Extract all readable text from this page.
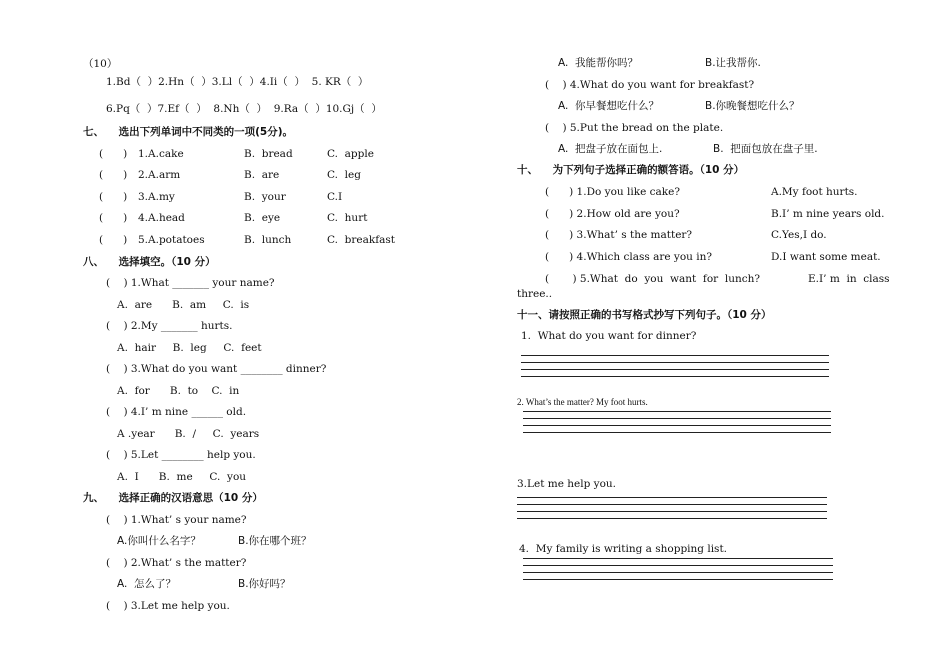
（10）
1.Bd（  ）2.Hn（  ）3.Ll（  ）4.Ii（  ）  5. KR（  ）
6.Pq（  ）7.Ef（  ）  8.Nh（  ）  9.Ra（  ）10.Gj（  ）
七、    选出下列单词中不同类的一项(5分)。
(      ) 1.A.cake	B.  bread	C.  apple
(      ) 2.A.arm	B.  are	C.  leg
(      ) 3.A.my	B.  your	C.I
(      ) 4.A.head	B.  eye	C.  hurt
(      ) 5.A.potatoes	B.  lunch	C.  breakfast
八、    选择填空。（10 分）
(    ) 1.What _______ your name?
A.  are      B.  am     C.  is
(    ) 2.My _______ hurts.
A.  hair     B.  leg     C.  feet
(    ) 3.What do you want ________ dinner?
A.  for      B.  to    C.  in
(    ) 4.I’ m nine ______ old.
A .year      B.  /     C.  years
(    ) 5.Let ________ help you.
A.  I      B.  me     C.  you
九、    选择正确的汉语意思（10 分）
(    ) 1.What’ s your name?
A.你叫什么名字？	B.你在哪个班？
(    ) 2.What’ s the matter?
A.  怎么了？	B.你好吗？
(    ) 3.Let me help you.
A.  我能帮你吗？	B.让我帮你.
(    ) 4.What do you want for breakfast?
A.  你早餐想吃什么？	B.你晚餐想吃什么？
(    ) 5.Put the bread on the plate.
A.  把盘子放在面包上.	B.  把面包放在盘子里.
十、    为下列句子选择正确的额答语。（10 分）
(      ) 1.Do you like cake?	A.My foot hurts.
(      ) 2.How old are you?	B.I’ m nine years old.
(      ) 3.What’ s the matter?	C.Yes,I do.
(      ) 4.Which class are you in?	D.I want some meat.
(       ) 5.What  do  you  want  for  lunch?	E.I’ m  in  class
three..
十一、请按照正确的书写格式抄写下列句子。（10 分）
1.  What do you want for dinner?
2. What’s the matter? My foot hurts.
3.Let me help you.
4.  My family is writing a shopping list.
